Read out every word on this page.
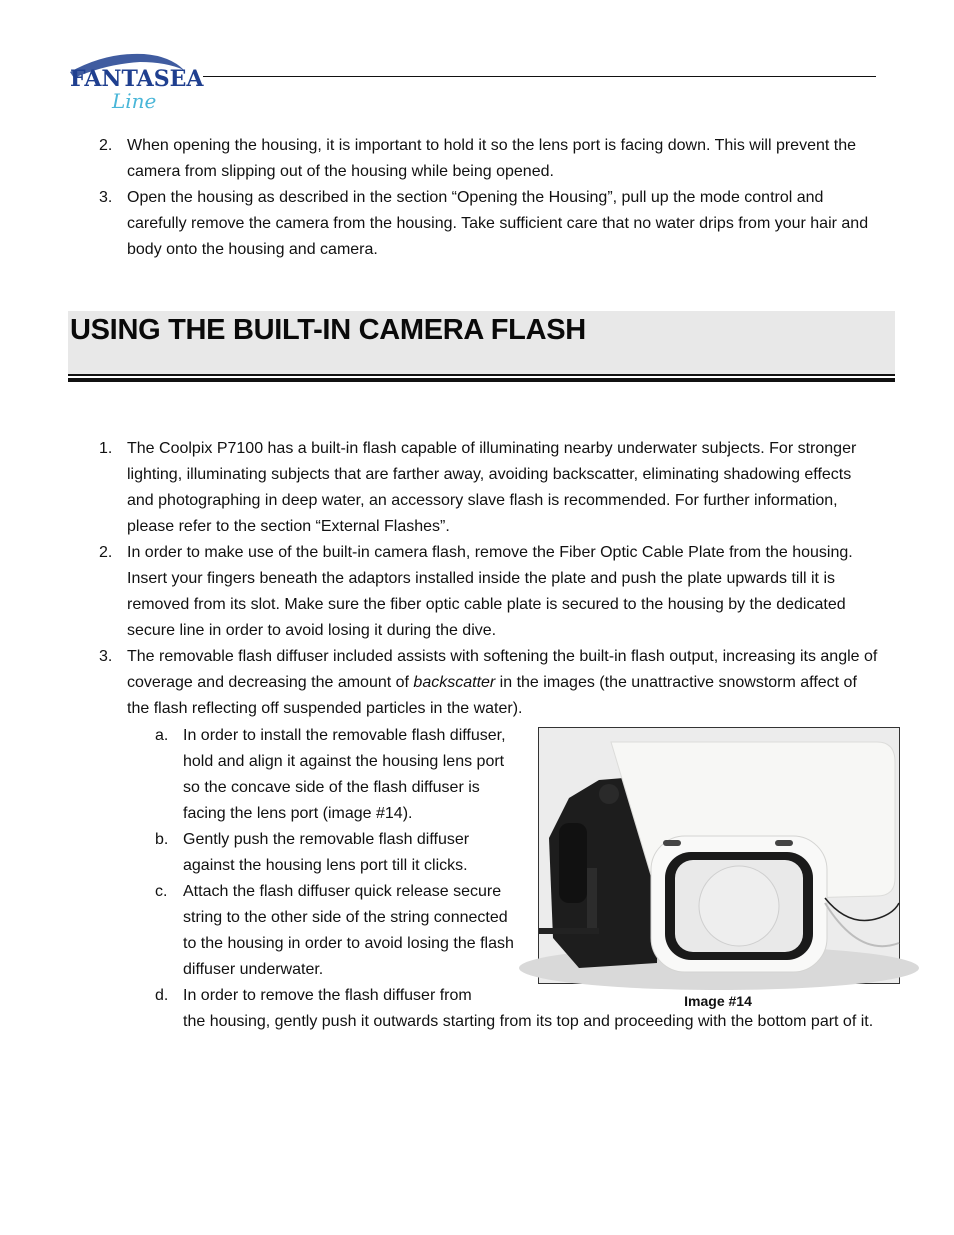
FANTASEA
Line
2. When opening the housing, it is important to hold it so the lens port is facing down. This will prevent the camera from slipping out of the housing while being opened.
3. Open the housing as described in the section “Opening the Housing”, pull up the mode control and carefully remove the camera from the housing. Take sufficient care that no water drips from your hair and body onto the housing and camera.
USING THE BUILT-IN CAMERA FLASH
1. The Coolpix P7100 has a built-in flash capable of illuminating nearby underwater subjects. For stronger lighting, illuminating subjects that are farther away, avoiding backscatter, eliminating shadowing effects and photographing in deep water, an accessory slave flash is recommended. For further information, please refer to the section “External Flashes”.
2. In order to make use of the built-in camera flash, remove the Fiber Optic Cable Plate from the housing. Insert your fingers beneath the adaptors installed inside the plate and push the plate upwards till it is removed from its slot. Make sure the fiber optic cable plate is secured to the housing by the dedicated secure line in order to avoid losing it during the dive.
3. The removable flash diffuser included assists with softening the built-in flash output, increasing its angle of coverage and decreasing the amount of backscatter in the images (the unattractive snowstorm affect of the flash reflecting off suspended particles in the water).
a. In order to install the removable flash diffuser, hold and align it against the housing lens port so the concave side of the flash diffuser is facing the lens port (image #14).
b. Gently push the removable flash diffuser against the housing lens port till it clicks.
c. Attach the flash diffuser quick release secure string to the other side of the string connected to the housing in order to avoid losing the flash diffuser underwater.
d. In order to remove the flash diffuser from
the housing, gently push it outwards starting from its top and proceeding with the bottom part of it.
Image #14
